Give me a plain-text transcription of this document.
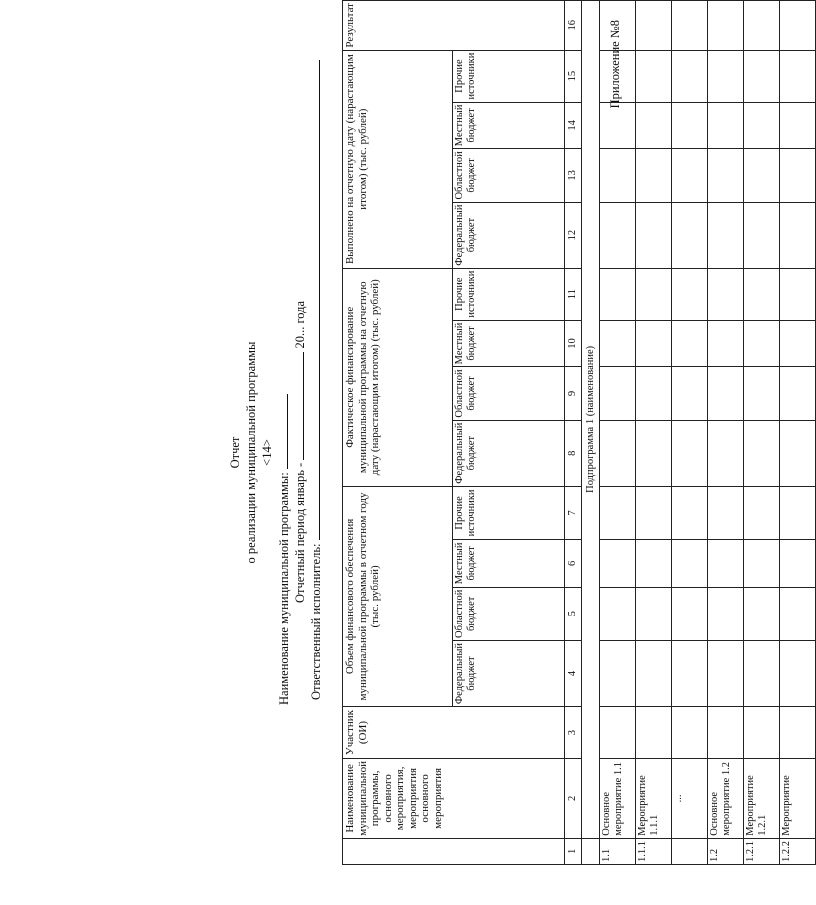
Приложение №8
Отчет о реализации муниципальной программы <14>
Наименование муниципальной программы: Отчетный период январь -  20... года
Ответственный исполнитель:
	Наименование муниципальной программы, основного мероприятия, мероприятия основного мероприятия	Участник (ОИ)	Объем финансового обеспечения муниципальной программы в отчетном году (тыс. рублей)				Фактическое финансирование муниципальной программы на отчетную дату (нарастающим итогом) (тыс. рублей)				Выполнено на отчетную дату (нарастающим итогом) (тыс. рублей)				Результат
			Федеральный бюджет	Областной бюджет	Местный бюджет	Прочие источники	Федеральный бюджет	Областной бюджет	Местный бюджет	Прочие источники	Федеральный бюджет	Областной бюджет	Местный бюджет	Прочие источники	
1	2	3	4	5	6	7	8	9	10	11	12	13	14	15	16
	Подпрограмма 1 (наименование)														
1.1	Основное мероприятие 1.1														
1.1.1	Мероприятие 1.1.1														
	...														
1.2	Основное мероприятие 1.2														
1.2.1	Мероприятие 1.2.1														
1.2.2	Мероприятие														
